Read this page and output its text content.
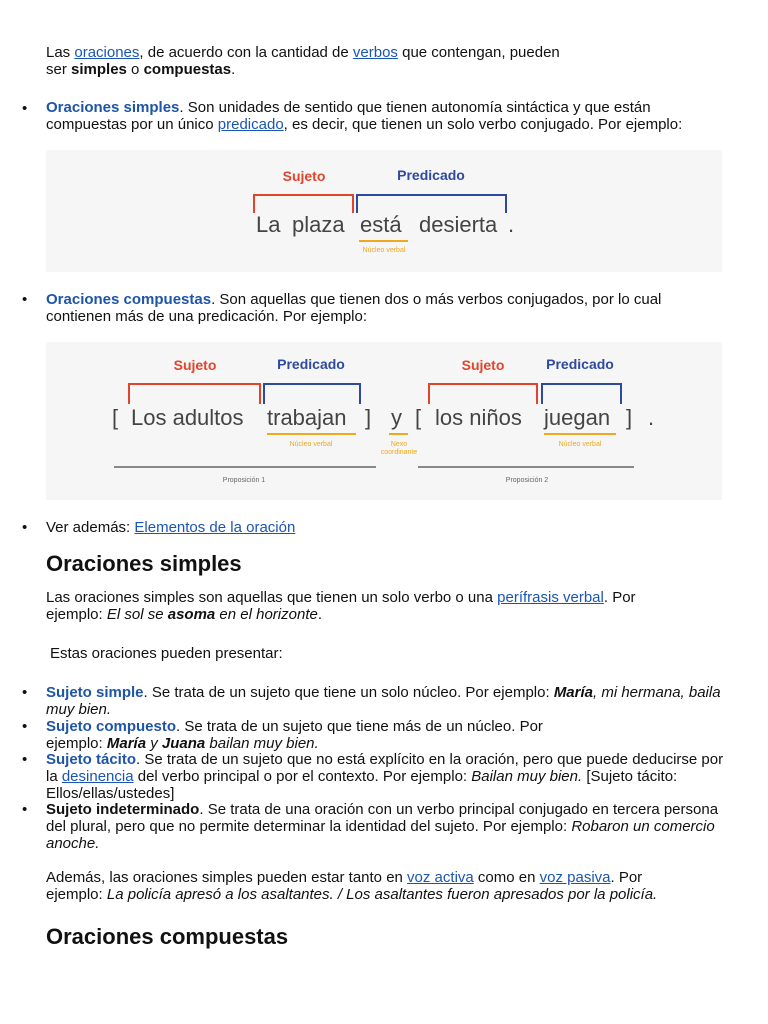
Las oraciones, de acuerdo con la cantidad de verbos que contengan, pueden
ser simples o compuestas.

• Oraciones simples. Son unidades de sentido que tienen autonomía sintáctica y que están compuestas por un único predicado, es decir, que tienen un solo verbo conjugado. Por ejemplo:

Sujeto	Predicado
La plaza está desierta .
Núcleo verbal
• Oraciones compuestas. Son aquellas que tienen dos o más verbos conjugados, por lo cual contienen más de una predicación. Por ejemplo:

Sujeto	Predicado	Sujeto	Predicado
[ Los adultos trabajan ] y [ los niños juegan ] .
Núcleo verbal	Nexo
coordinante
Núcleo verbal
Proposición 1	Proposición 2
• Ver además: Elementos de la oración

Oraciones simples

Las oraciones simples son aquellas que tienen un solo verbo o una perífrasis verbal. Por
ejemplo: El sol se asoma en el horizonte.

Estas oraciones pueden presentar:

• Sujeto simple. Se trata de un sujeto que tiene un solo núcleo. Por ejemplo: María, mi hermana, baila muy bien.

• Sujeto compuesto. Se trata de un sujeto que tiene más de un núcleo. Por
ejemplo: María y Juana bailan muy bien.

• Sujeto tácito. Se trata de un sujeto que no está explícito en la oración, pero que puede deducirse por la desinencia del verbo principal o por el contexto. Por ejemplo: Bailan muy bien. [Sujeto tácito: Ellos/ellas/ustedes]

• Sujeto indeterminado. Se trata de una oración con un verbo principal conjugado en tercera persona del plural, pero que no permite determinar la identidad del sujeto. Por ejemplo: Robaron un comercio anoche.

Además, las oraciones simples pueden estar tanto en voz activa como en voz pasiva. Por
ejemplo: La policía apresó a los asaltantes. / Los asaltantes fueron apresados por la policía.

Oraciones compuestas
